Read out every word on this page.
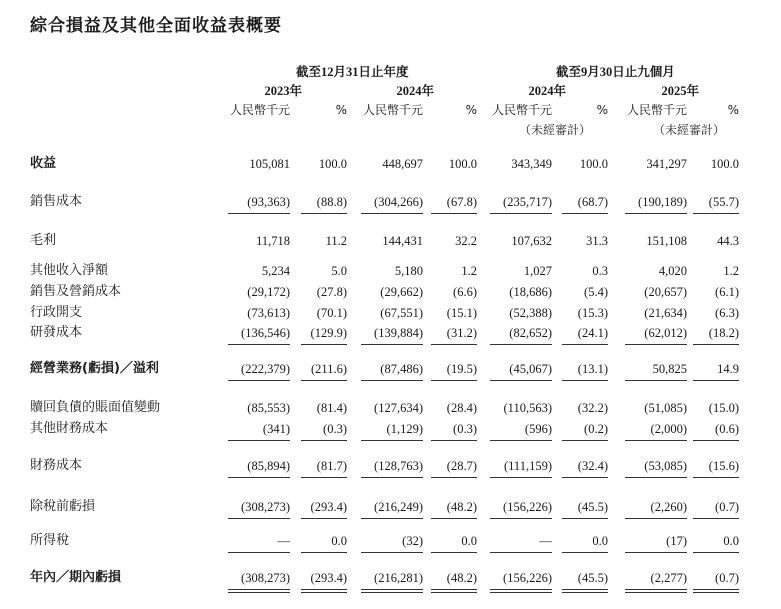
綜合損益及其他全面收益表概要
截至12月31日止年度	截至9月30日止九個月
2023年	2024年	2024年	2025年
人民幣千元	%	人民幣千元	%	人民幣千元	%	人民幣千元	%
（未經審計）	（未經審計）
收益	105,081	100.0	448,697	100.0	343,349	100.0	341,297	100.0
銷售成本	(93,363)	(88.8)	(304,266)	(67.8)	(235,717)	(68.7)	(190,189)	(55.7)
毛利	11,718	11.2	144,431	32.2	107,632	31.3	151,108	44.3
其他收入淨額	5,234	5.0	5,180	1.2	1,027	0.3	4,020	1.2
銷售及營銷成本	(29,172)	(27.8)	(29,662)	(6.6)	(18,686)	(5.4)	(20,657)	(6.1)
行政開支	(73,613)	(70.1)	(67,551)	(15.1)	(52,388)	(15.3)	(21,634)	(6.3)
研發成本	(136,546)	(129.9)	(139,884)	(31.2)	(82,652)	(24.1)	(62,012)	(18.2)
經營業務(虧損)／溢利	(222,379)	(211.6)	(87,486)	(19.5)	(45,067)	(13.1)	50,825	14.9
贖回負債的賬面值變動	(85,553)	(81.4)	(127,634)	(28.4)	(110,563)	(32.2)	(51,085)	(15.0)
其他財務成本	(341)	(0.3)	(1,129)	(0.3)	(596)	(0.2)	(2,000)	(0.6)
財務成本	(85,894)	(81.7)	(128,763)	(28.7)	(111,159)	(32.4)	(53,085)	(15.6)
除稅前虧損	(308,273)	(293.4)	(216,249)	(48.2)	(156,226)	(45.5)	(2,260)	(0.7)
所得稅	—	0.0	(32)	0.0	—	0.0	(17)	0.0
年內／期內虧損	(308,273)	(293.4)	(216,281)	(48.2)	(156,226)	(45.5)	(2,277)	(0.7)
